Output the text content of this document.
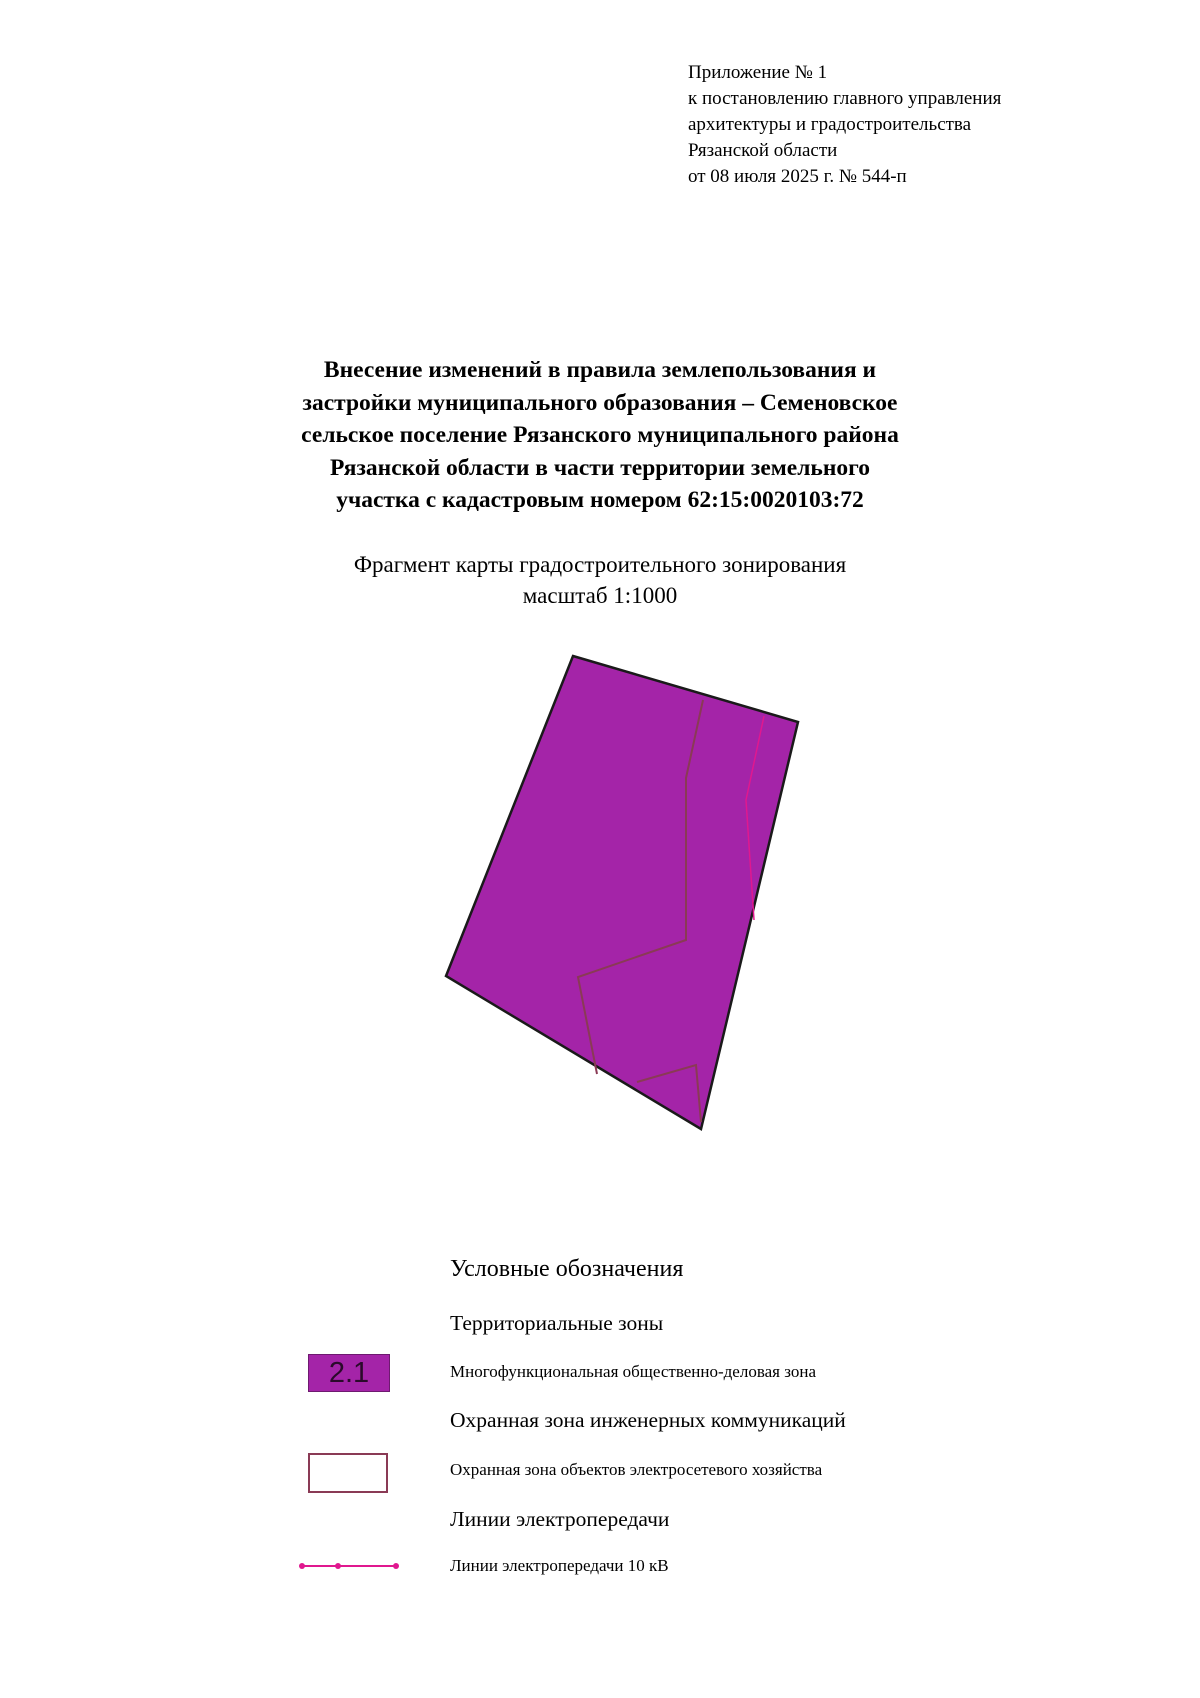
Приложение № 1
к постановлению главного управления
архитектуры и градостроительства
Рязанской области
от 08 июля 2025 г. № 544-п
Внесение изменений в правила землепользования и
застройки муниципального образования – Семеновское
сельское поселение Рязанского муниципального района
Рязанской области в части территории земельного
участка с кадастровым номером 62:15:0020103:72
Фрагмент карты градостроительного зонирования
масштаб 1:1000
Условные обозначения
Территориальные зоны
2.1	Многофункциональная общественно-деловая зона
Охранная зона инженерных коммуникаций
Охранная зона объектов электросетевого хозяйства
Линии электропередачи
Линии электропередачи 10 кВ
